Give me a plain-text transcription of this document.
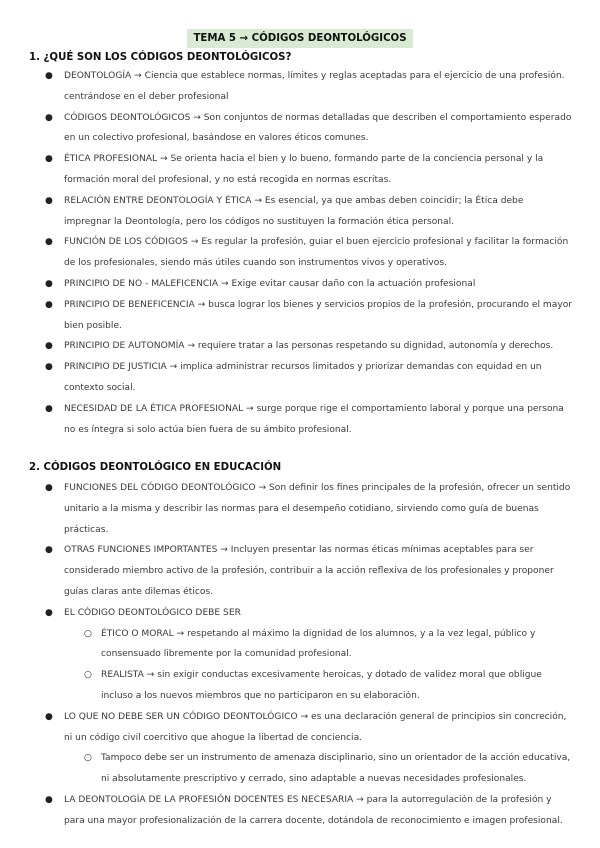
TEMA 5 → CÓDIGOS DEONTOLÓGICOS
1. ¿QUÉ SON LOS CÓDIGOS DEONTOLÓGICOS?
● DEONTOLOGÍA → Ciencia que establece normas, límites y reglas aceptadas para el ejercicio de una profesión. centrándose en el deber profesional
● CÓDIGOS DEONTOLÓGICOS → Son conjuntos de normas detalladas que describen el comportamiento esperado en un colectivo profesional, basándose en valores éticos comunes.
● ÉTICA PROFESIONAL → Se orienta hacia el bien y lo bueno, formando parte de la conciencia personal y la formación moral del profesional, y no está recogida en normas escritas.
● RELACIÓN ENTRE DEONTOLOGÍA Y ÉTICA → Es esencial, ya que ambas deben coincidir; la Ética debe impregnar la Deontología, pero los códigos no sustituyen la formación ética personal.
● FUNCIÓN DE LOS CÓDIGOS → Es regular la profesión, guiar el buen ejercicio profesional y facilitar la formación de los profesionales, siendo más útiles cuando son instrumentos vivos y operativos.
● PRINCIPIO DE NO - MALEFICENCIA → Exige evitar causar daño con la actuación profesional
● PRINCIPIO DE BENEFICENCIA → busca lograr los bienes y servicios propios de la profesión, procurando el mayor bien posible.
● PRINCIPIO DE AUTONOMÍA → requiere tratar a las personas respetando su dignidad, autonomía y derechos.
● PRINCIPIO DE JUSTICIA → implica administrar recursos limitados y priorizar demandas con equidad en un contexto social.
● NECESIDAD DE LA ÉTICA PROFESIONAL → surge porque rige el comportamiento laboral y porque una persona no es íntegra si solo actúa bien fuera de su ámbito profesional.
2. CÓDIGOS DEONTOLÓGICO EN EDUCACIÓN
● FUNCIONES DEL CÓDIGO DEONTOLÓGICO → Son definir los fines principales de la profesión, ofrecer un sentido unitario a la misma y describir las normas para el desempeño cotidiano, sirviendo como guía de buenas prácticas.
● OTRAS FUNCIONES IMPORTANTES → Incluyen presentar las normas éticas mínimas aceptables para ser considerado miembro activo de la profesión, contribuir a la acción reflexiva de los profesionales y proponer guías claras ante dilemas éticos.
● EL CÓDIGO DEONTOLÓGICO DEBE SER
○ ÉTICO O MORAL → respetando al máximo la dignidad de los alumnos, y a la vez legal, público y consensuado libremente por la comunidad profesional.
○ REALISTA → sin exigir conductas excesivamente heroicas, y dotado de validez moral que obligue incluso a los nuevos miembros que no participaron en su elaboración.
● LO QUE NO DEBE SER UN CÓDIGO DEONTOLÓGICO → es una declaración general de principios sin concreción, ni un código civil coercitivo que ahogue la libertad de conciencia.
○ Tampoco debe ser un instrumento de amenaza disciplinario, sino un orientador de la acción educativa, ni absolutamente prescriptivo y cerrado, sino adaptable a nuevas necesidades profesionales.
● LA DEONTOLOGÍA DE LA PROFESIÓN DOCENTES ES NECESARIA → para la autorregulación de la profesión y para una mayor profesionalización de la carrera docente, dotándola de reconocimiento e imagen profesional.
